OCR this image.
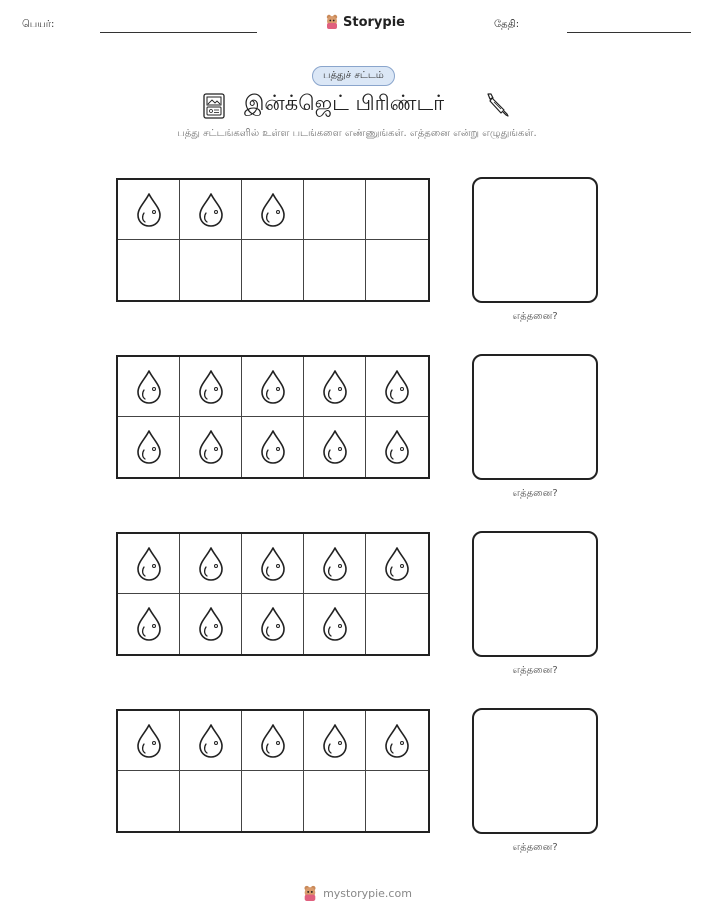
பெயர்:	Storypie	தேதி:
பத்துச் சட்டம்
இன்க்ஜெட் பிரிண்டர்
பத்து சட்டங்களில் உள்ள படங்களை எண்ணுங்கள். எத்தனை என்று எழுதுங்கள்.
எத்தனை?
எத்தனை?
எத்தனை?
எத்தனை?
mystorypie.com
